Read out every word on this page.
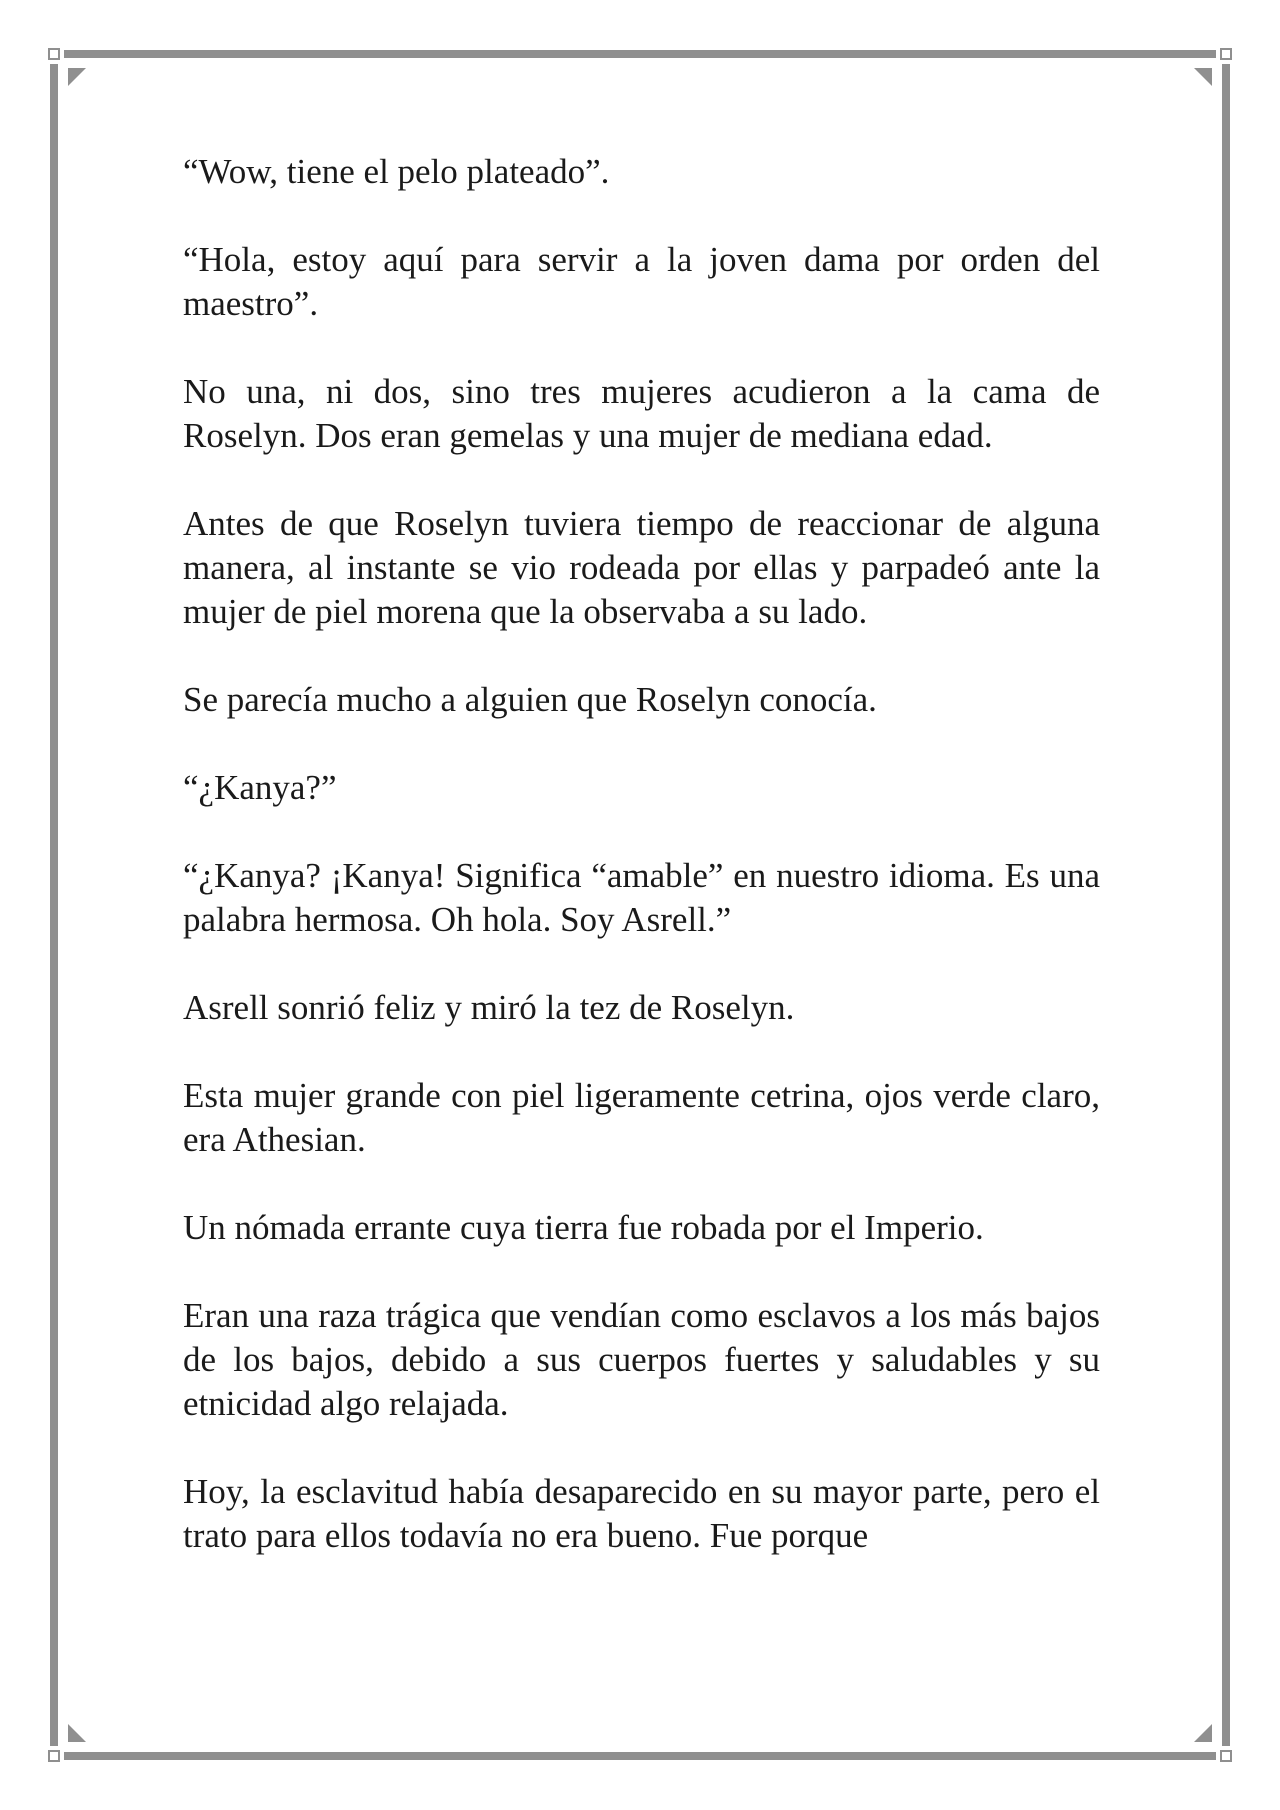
“Wow, tiene el pelo plateado”.

“Hola, estoy aquí para servir a la joven dama por orden del maestro”.

No una, ni dos, sino tres mujeres acudieron a la cama de Roselyn. Dos eran gemelas y una mujer de mediana edad.

Antes de que Roselyn tuviera tiempo de reaccionar de alguna manera, al instante se vio rodeada por ellas y parpadeó ante la mujer de piel morena que la observaba a su lado.

Se parecía mucho a alguien que Roselyn conocía.

“¿Kanya?”

“¿Kanya? ¡Kanya! Significa “amable” en nuestro idioma. Es una palabra hermosa. Oh hola. Soy Asrell.”

Asrell sonrió feliz y miró la tez de Roselyn.

Esta mujer grande con piel ligeramente cetrina, ojos verde claro, era Athesian.

Un nómada errante cuya tierra fue robada por el Imperio.

Eran una raza trágica que vendían como esclavos a los más bajos de los bajos, debido a sus cuerpos fuertes y saludables y su etnicidad algo relajada.

Hoy, la esclavitud había desaparecido en su mayor parte, pero el trato para ellos todavía no era bueno. Fue porque
